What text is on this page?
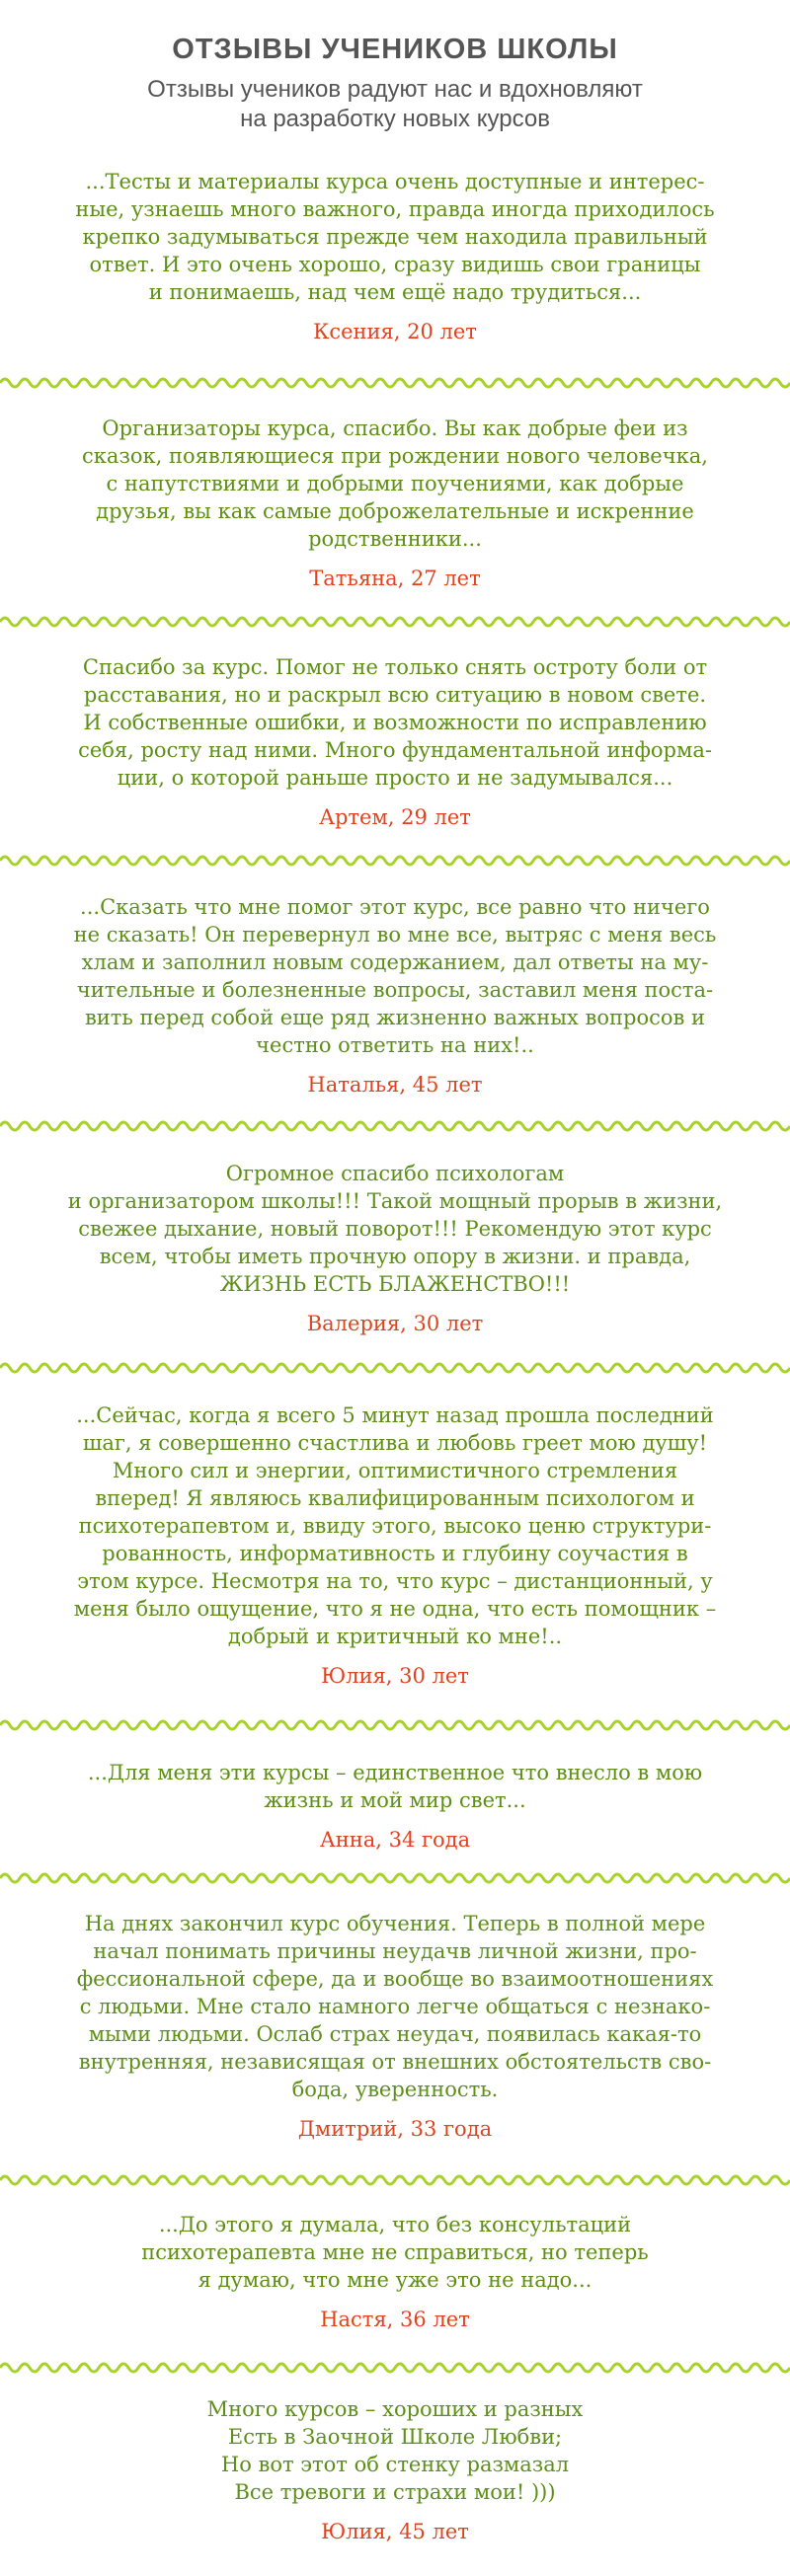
ОТЗЫВЫ УЧЕНИКОВ ШКОЛЫ
Отзывы учеников радуют нас и вдохновляют
на разработку новых курсов
...Тесты и материалы курса очень доступные и интерес-
ные, узнаешь много важного, правда иногда приходилось
крепко задумываться прежде чем находила правильный
ответ. И это очень хорошо, сразу видишь свои границы
и понимаешь, над чем ещё надо трудиться...
Ксения, 20 лет
Организаторы курса, спасибо. Вы как добрые феи из
сказок, появляющиеся при рождении нового человечка,
с напутствиями и добрыми поучениями, как добрые
друзья, вы как самые доброжелательные и искренние
родственники...
Татьяна, 27 лет
Спасибо за курс. Помог не только снять остроту боли от
расставания, но и раскрыл всю ситуацию в новом свете.
И собственные ошибки, и возможности по исправлению
себя, росту над ними. Много фундаментальной информа-
ции, о которой раньше просто и не задумывался...
Артем, 29 лет
...Сказать что мне помог этот курс, все равно что ничего
не сказать! Он перевернул во мне все, вытряс с меня весь
хлам и заполнил новым содержанием, дал ответы на му-
чительные и болезненные вопросы, заставил меня поста-
вить перед собой еще ряд жизненно важных вопросов и
честно ответить на них!..
Наталья, 45 лет
Огромное спасибо психологам
и организатором школы!!! Такой мощный прорыв в жизни,
свежее дыхание, новый поворот!!! Рекомендую этот курс
всем, чтобы иметь прочную опору в жизни. и правда,
ЖИЗНЬ ЕСТЬ БЛАЖЕНСТВО!!!
Валерия, 30 лет
...Сейчас, когда я всего 5 минут назад прошла последний
шаг, я совершенно счастлива и любовь греет мою душу!
Много сил и энергии, оптимистичного стремления
вперед! Я являюсь квалифицированным психологом и
психотерапевтом и, ввиду этого, высоко ценю структури-
рованность, информативность и глубину соучастия в
этом курсе. Несмотря на то, что курс – дистанционный, у
меня было ощущение, что я не одна, что есть помощник –
добрый и критичный ко мне!..
Юлия, 30 лет
...Для меня эти курсы – единственное что внесло в мою
жизнь и мой мир свет...
Анна, 34 года
На днях закончил курс обучения. Теперь в полной мере
начал понимать причины неудачв личной жизни, про-
фессиональной сфере, да и вообще во взаимоотношениях
с людьми. Мне стало намного легче общаться с незнако-
мыми людьми. Ослаб страх неудач, появилась какая-то
внутренняя, независящая от внешних обстоятельств сво-
бода, уверенность.
Дмитрий, 33 года
...До этого я думала, что без консультаций
психотерапевта мне не справиться, но теперь
я думаю, что мне уже это не надо...
Настя, 36 лет
Много курсов – хороших и разных
Есть в Заочной Школе Любви;
Но вот этот об стенку размазал
Все тревоги и страхи мои! )))
Юлия, 45 лет
